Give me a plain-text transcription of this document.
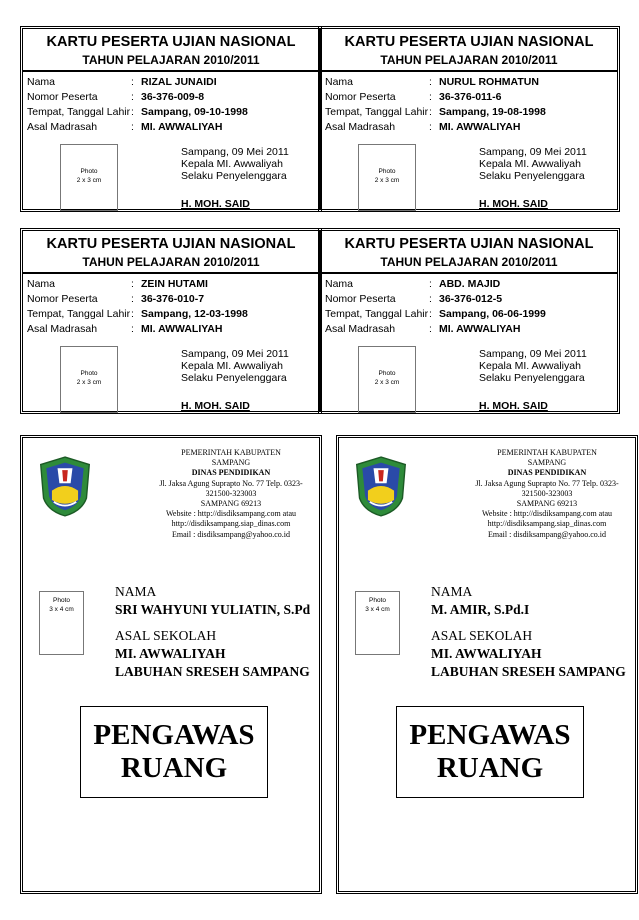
KARTU PESERTA UJIAN NASIONAL
TAHUN PELAJARAN 2010/2011
Nama	: RIZAL JUNAIDI
Nomor Peserta	: 36-376-009-8
Tempat, Tanggal Lahir : Sampang, 09-10-1998
Asal Madrasah	: MI. AWWALIYAH
Photo
2 x 3 cm
Sampang, 09 Mei 2011
Kepala MI. Awwaliyah
Selaku Penyelenggara
H. MOH. SAID
KARTU PESERTA UJIAN NASIONAL
TAHUN PELAJARAN 2010/2011
Nama	: NURUL ROHMATUN
Nomor Peserta	: 36-376-011-6
Tempat, Tanggal Lahir : Sampang, 19-08-1998
Asal Madrasah	: MI. AWWALIYAH
Photo
2 x 3 cm
Sampang, 09 Mei 2011
Kepala MI. Awwaliyah
Selaku Penyelenggara
H. MOH. SAID
KARTU PESERTA UJIAN NASIONAL
TAHUN PELAJARAN 2010/2011
Nama	: ZEIN HUTAMI
Nomor Peserta	: 36-376-010-7
Tempat, Tanggal Lahir : Sampang, 12-03-1998
Asal Madrasah	: MI. AWWALIYAH
Photo
2 x 3 cm
Sampang, 09 Mei 2011
Kepala MI. Awwaliyah
Selaku Penyelenggara
H. MOH. SAID
KARTU PESERTA UJIAN NASIONAL
TAHUN PELAJARAN 2010/2011
Nama	: ABD. MAJID
Nomor Peserta	: 36-376-012-5
Tempat, Tanggal Lahir : Sampang, 06-06-1999
Asal Madrasah	: MI. AWWALIYAH
Photo
2 x 3 cm
Sampang, 09 Mei 2011
Kepala MI. Awwaliyah
Selaku Penyelenggara
H. MOH. SAID
PEMERINTAH KABUPATEN
SAMPANG
DINAS PENDIDIKAN
Jl. Jaksa Agung Suprapto No. 77 Telp. 0323-
321500-323003
SAMPANG 69213
Website : http://disdiksampang.com atau
http://disdiksampang.siap_dinas.com
Email : disdiksampang@yahoo.co.id
Photo
3 x 4 cm
NAMA
SRI WAHYUNI YULIATIN, S.Pd
ASAL SEKOLAH
MI. AWWALIYAH
LABUHAN SRESEH SAMPANG
PENGAWAS
RUANG
PEMERINTAH KABUPATEN
SAMPANG
DINAS PENDIDIKAN
Jl. Jaksa Agung Suprapto No. 77 Telp. 0323-
321500-323003
SAMPANG 69213
Website : http://disdiksampang.com atau
http://disdiksampang.siap_dinas.com
Email : disdiksampang@yahoo.co.id
Photo
3 x 4 cm
NAMA
M. AMIR, S.Pd.I
ASAL SEKOLAH
MI. AWWALIYAH
LABUHAN SRESEH SAMPANG
PENGAWAS
RUANG
